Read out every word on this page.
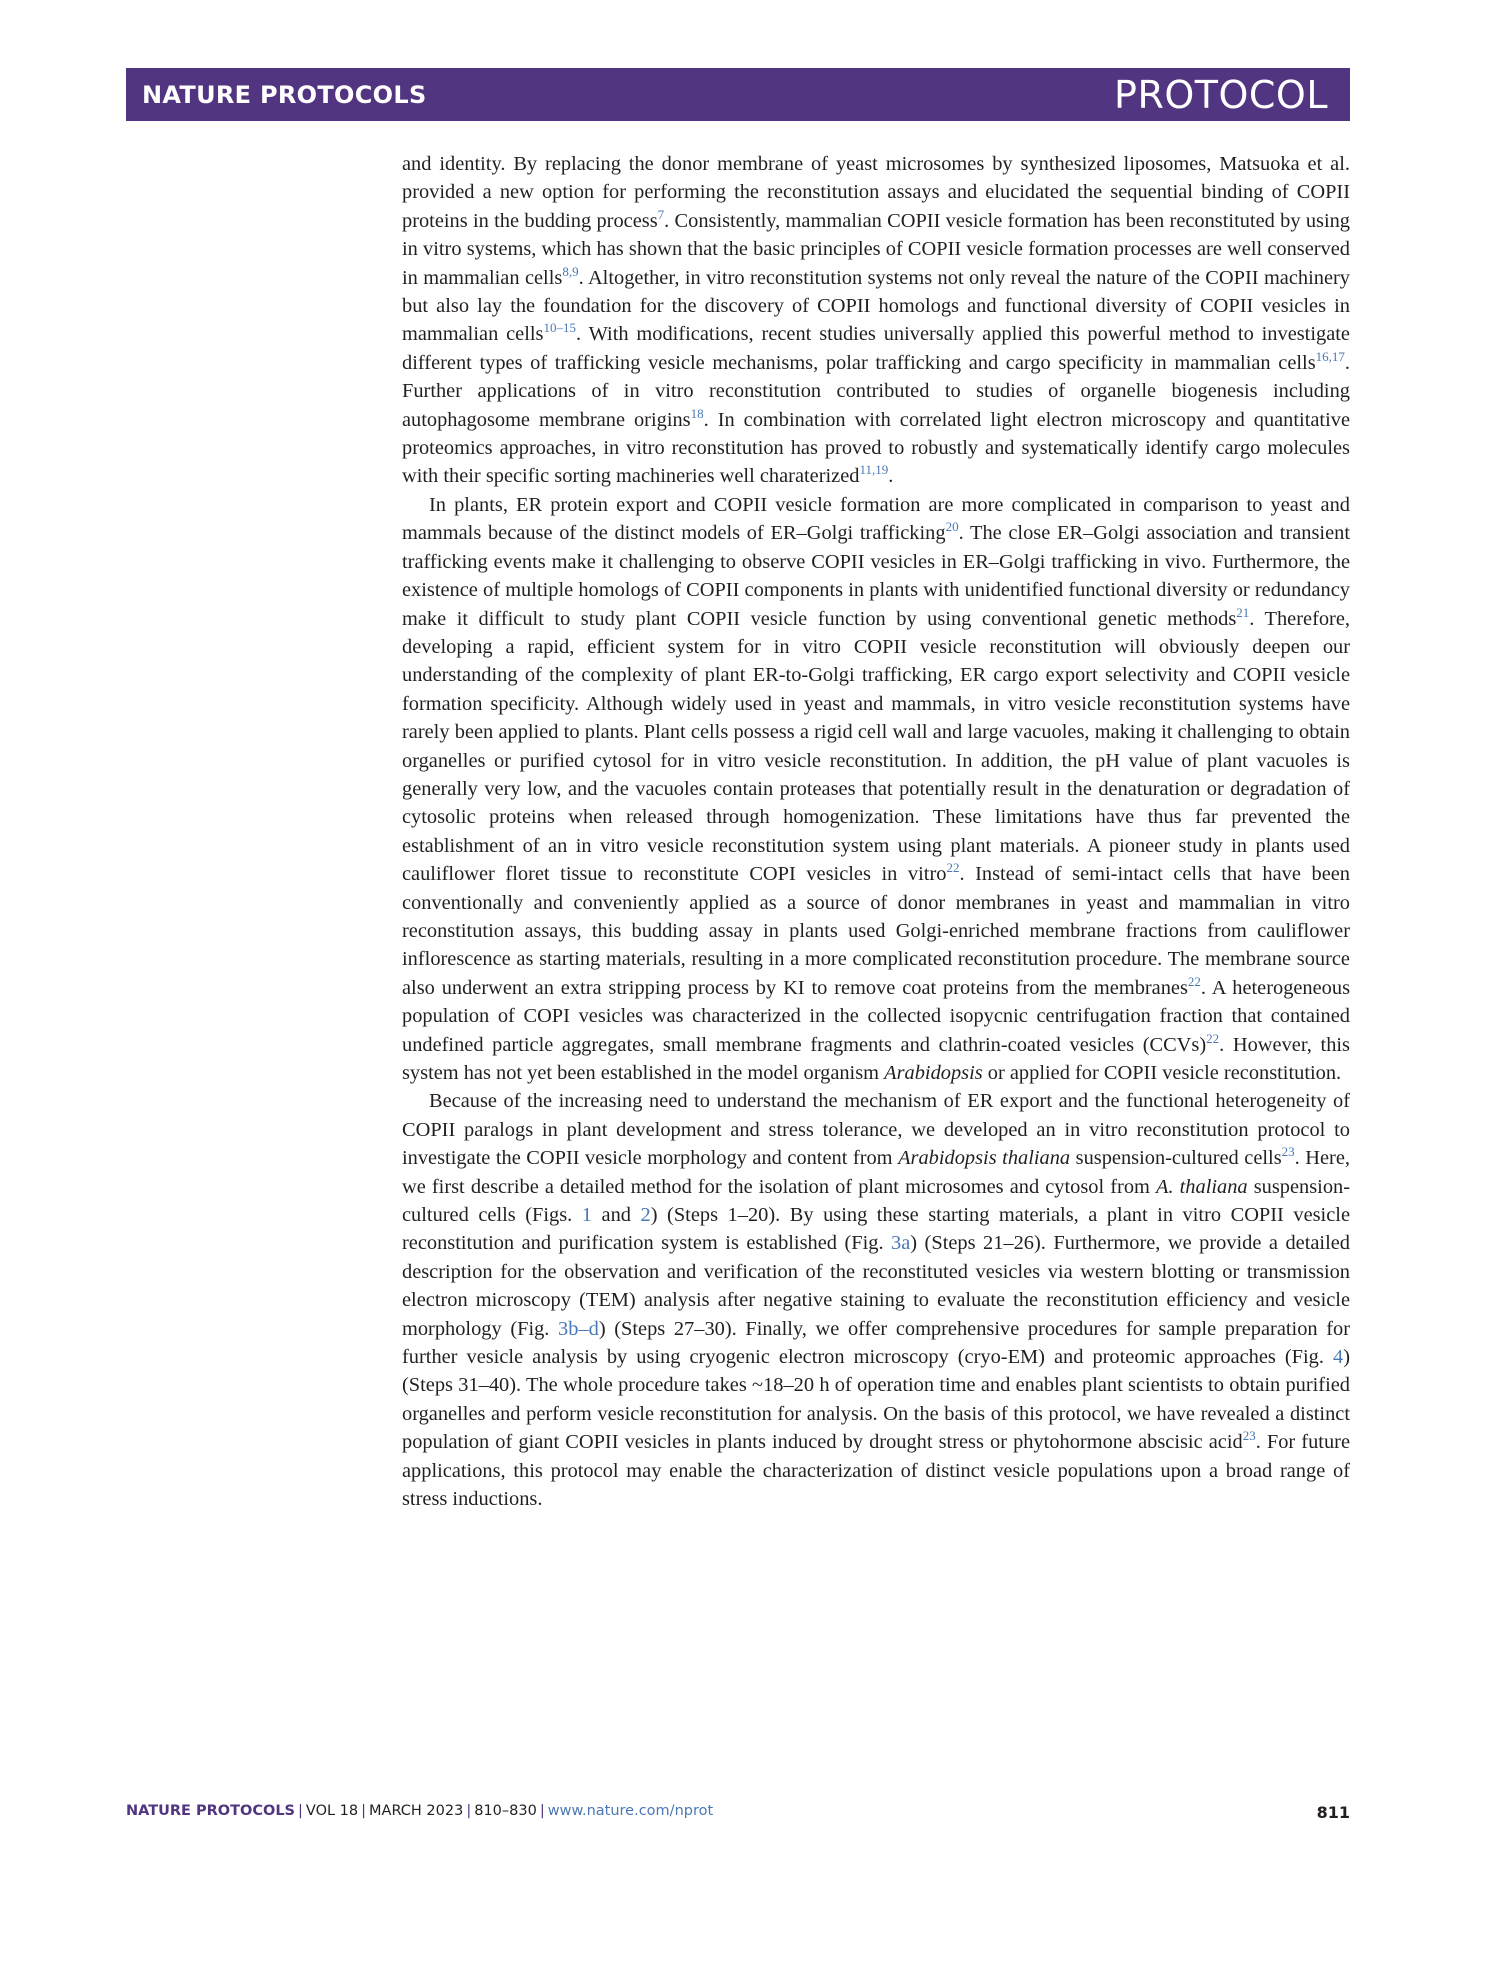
NATURE PROTOCOLS	PROTOCOL

and identity. By replacing the donor membrane of yeast microsomes by synthesized liposomes, Matsuoka et al. provided a new option for performing the reconstitution assays and elucidated the sequential binding of COPII proteins in the budding process$^7$. Consistently, mammalian COPII vesicle formation has been reconstituted by using in vitro systems, which has shown that the basic principles of COPII vesicle formation processes are well conserved in mammalian cells$^{8,9}$. Altogether, in vitro reconstitution systems not only reveal the nature of the COPII machinery but also lay the foundation for the discovery of COPII homologs and functional diversity of COPII vesicles in mammalian cells$^{10-15}$. With modifications, recent studies universally applied this powerful method to investigate different types of trafficking vesicle mechanisms, polar trafficking and cargo specificity in mammalian cells$^{16,17}$. Further applications of in vitro reconstitution contributed to studies of organelle biogenesis including autophagosome membrane origins$^{18}$. In combination with correlated light electron microscopy and quantitative proteomics approaches, in vitro reconstitution has proved to robustly and systematically identify cargo molecules with their specific sorting machineries well charaterized$^{11,19}$.

In plants, ER protein export and COPII vesicle formation are more complicated in comparison to yeast and mammals because of the distinct models of ER–Golgi trafficking$^{20}$. The close ER–Golgi association and transient trafficking events make it challenging to observe COPII vesicles in ER–Golgi trafficking in vivo. Furthermore, the existence of multiple homologs of COPII components in plants with unidentified functional diversity or redundancy make it difficult to study plant COPII vesicle function by using conventional genetic methods$^{21}$. Therefore, developing a rapid, efficient system for in vitro COPII vesicle reconstitution will obviously deepen our understanding of the complexity of plant ER-to-Golgi trafficking, ER cargo export selectivity and COPII vesicle formation specificity. Although widely used in yeast and mammals, in vitro vesicle reconstitution systems have rarely been applied to plants. Plant cells possess a rigid cell wall and large vacuoles, making it challenging to obtain organelles or purified cytosol for in vitro vesicle reconstitution. In addition, the pH value of plant vacuoles is generally very low, and the vacuoles contain proteases that potentially result in the denaturation or degradation of cytosolic proteins when released through homogenization. These limitations have thus far prevented the establishment of an in vitro vesicle reconstitution system using plant materials. A pioneer study in plants used cauliflower floret tissue to reconstitute COPI vesicles in vitro$^{22}$. Instead of semi-intact cells that have been conventionally and conveniently applied as a source of donor membranes in yeast and mammalian in vitro reconstitution assays, this budding assay in plants used Golgi-enriched membrane fractions from cauliflower inflorescence as starting materials, resulting in a more complicated reconstitution procedure. The membrane source also underwent an extra stripping process by KI to remove coat proteins from the membranes$^{22}$. A heterogeneous population of COPI vesicles was characterized in the collected isopycnic centrifugation fraction that contained undefined particle aggregates, small membrane fragments and clathrin-coated vesicles (CCVs)$^{22}$. However, this system has not yet been established in the model organism Arabidopsis or applied for COPII vesicle reconstitution.

Because of the increasing need to understand the mechanism of ER export and the functional heterogeneity of COPII paralogs in plant development and stress tolerance, we developed an in vitro reconstitution protocol to investigate the COPII vesicle morphology and content from Arabidopsis thaliana suspension-cultured cells$^{23}$. Here, we first describe a detailed method for the isolation of plant microsomes and cytosol from A. thaliana suspension-cultured cells (Figs. 1 and 2) (Steps 1–20). By using these starting materials, a plant in vitro COPII vesicle reconstitution and purification system is established (Fig. 3a) (Steps 21–26). Furthermore, we provide a detailed description for the observation and verification of the reconstituted vesicles via western blotting or transmission electron microscopy (TEM) analysis after negative staining to evaluate the reconstitution efficiency and vesicle morphology (Fig. 3b–d) (Steps 27–30). Finally, we offer comprehensive procedures for sample preparation for further vesicle analysis by using cryogenic electron microscopy (cryo-EM) and proteomic approaches (Fig. 4) (Steps 31–40). The whole procedure takes ~18–20 h of operation time and enables plant scientists to obtain purified organelles and perform vesicle reconstitution for analysis. On the basis of this protocol, we have revealed a distinct population of giant COPII vesicles in plants induced by drought stress or phytohormone abscisic acid$^{23}$. For future applications, this protocol may enable the characterization of distinct vesicle populations upon a broad range of stress inductions.

NATURE PROTOCOLS | VOL 18 | MARCH 2023 | 810–830 | www.nature.com/nprot	811
